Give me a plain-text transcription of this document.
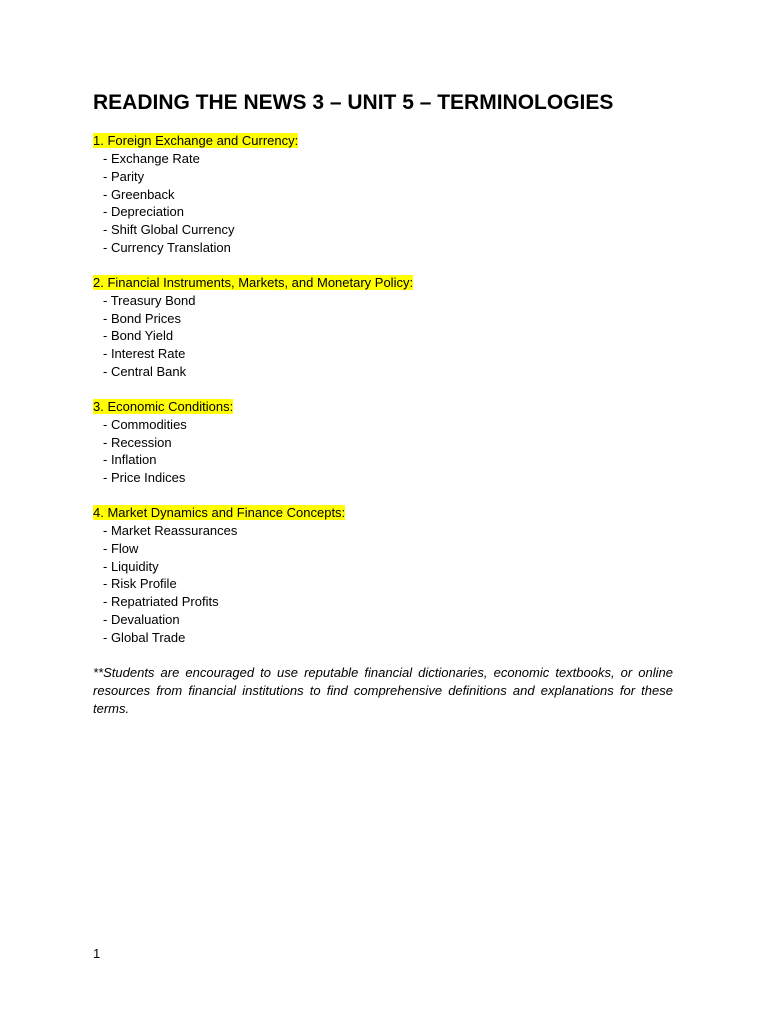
READING THE NEWS 3 – UNIT 5 – TERMINOLOGIES
1. Foreign Exchange and Currency:
- Exchange Rate
- Parity
- Greenback
- Depreciation
- Shift Global Currency
- Currency Translation
2. Financial Instruments, Markets, and Monetary Policy:
- Treasury Bond
- Bond Prices
- Bond Yield
- Interest Rate
- Central Bank
3. Economic Conditions:
- Commodities
- Recession
- Inflation
- Price Indices
4. Market Dynamics and Finance Concepts:
- Market Reassurances
- Flow
- Liquidity
- Risk Profile
- Repatriated Profits
- Devaluation
- Global Trade

**Students are encouraged to use reputable financial dictionaries, economic textbooks, or online resources from financial institutions to find comprehensive definitions and explanations for these terms.

1
